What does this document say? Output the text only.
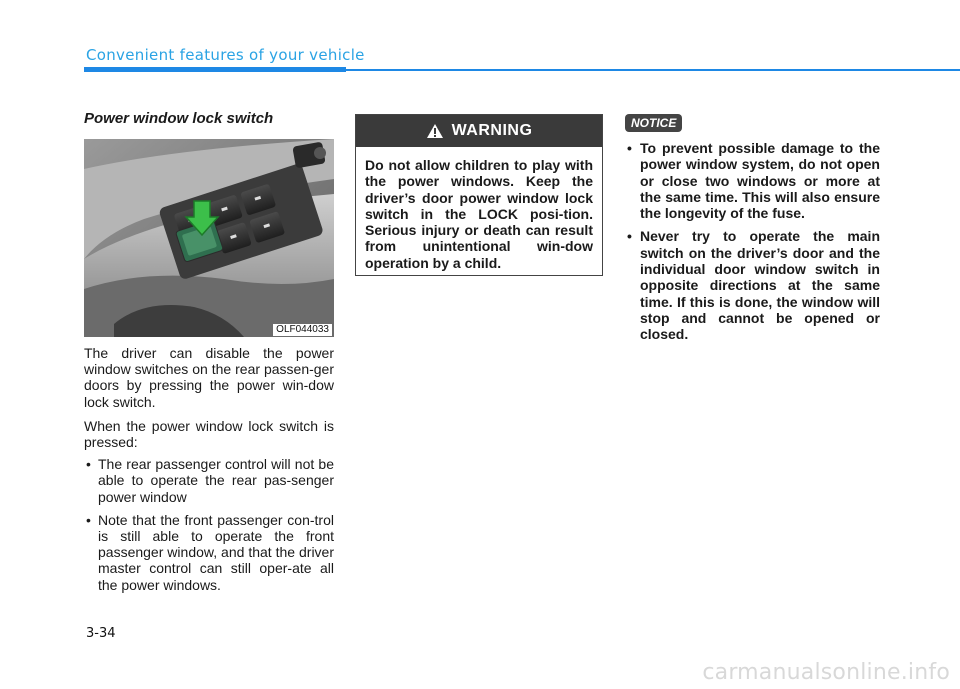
Convenient features of your vehicle
Power window lock switch
OLF044033

The driver can disable the power window switches on the rear passen-ger doors by pressing the power win-dow lock switch.

When the power window lock switch is pressed:

• The rear passenger control will not be able to operate the rear pas-senger power window
• Note that the front passenger con-trol is still able to operate the front passenger window, and that the driver master control can still oper-ate all the power windows.
WARNING
Do not allow children to play with the power windows. Keep the driver’s door power window lock switch in the LOCK posi-tion. Serious injury or death can result from unintentional win-dow operation by a child.
NOTICE
• To prevent possible damage to the power window system, do not open or close two windows or more at the same time. This will also ensure the longevity of the fuse.
• Never try to operate the main switch on the driver’s door and the individual door window switch in opposite directions at the same time. If this is done, the window will stop and cannot be opened or closed.
3-34
carmanualsonline.info
